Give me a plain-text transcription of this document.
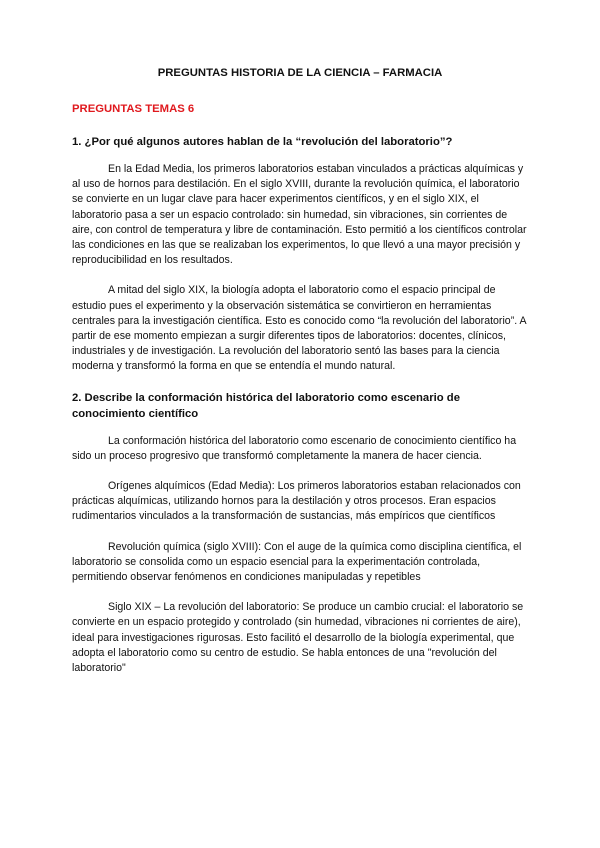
PREGUNTAS HISTORIA DE LA CIENCIA – FARMACIA
PREGUNTAS TEMAS 6
1. ¿Por qué algunos autores hablan de la “revolución del laboratorio”?

En la Edad Media, los primeros laboratorios estaban vinculados a prácticas alquímicas y al uso de hornos para destilación. En el siglo XVIII, durante la revolución química, el laboratorio se convierte en un lugar clave para hacer experimentos científicos, y en el siglo XIX, el laboratorio pasa a ser un espacio controlado: sin humedad, sin vibraciones, sin corrientes de aire, con control de temperatura y libre de contaminación. Esto permitió a los científicos controlar las condiciones en las que se realizaban los experimentos, lo que llevó a una mayor precisión y reproducibilidad en los resultados.

A mitad del siglo XIX, la biología adopta el laboratorio como el espacio principal de estudio pues el experimento y la observación sistemática se convirtieron en herramientas centrales para la investigación científica. Esto es conocido como “la revolución del laboratorio”. A partir de ese momento empiezan a surgir diferentes tipos de laboratorios: docentes, clínicos, industriales y de investigación. La revolución del laboratorio sentó las bases para la ciencia moderna y transformó la forma en que se entendía el mundo natural.

2. Describe la conformación histórica del laboratorio como escenario de conocimiento científico

La conformación histórica del laboratorio como escenario de conocimiento científico ha sido un proceso progresivo que transformó completamente la manera de hacer ciencia.

Orígenes alquímicos (Edad Media): Los primeros laboratorios estaban relacionados con prácticas alquímicas, utilizando hornos para la destilación y otros procesos. Eran espacios rudimentarios vinculados a la transformación de sustancias, más empíricos que científicos

Revolución química (siglo XVIII): Con el auge de la química como disciplina científica, el laboratorio se consolida como un espacio esencial para la experimentación controlada, permitiendo observar fenómenos en condiciones manipuladas y repetibles

Siglo XIX – La revolución del laboratorio: Se produce un cambio crucial: el laboratorio se convierte en un espacio protegido y controlado (sin humedad, vibraciones ni corrientes de aire), ideal para investigaciones rigurosas. Esto facilitó el desarrollo de la biología experimental, que adopta el laboratorio como su centro de estudio. Se habla entonces de una "revolución del laboratorio"
